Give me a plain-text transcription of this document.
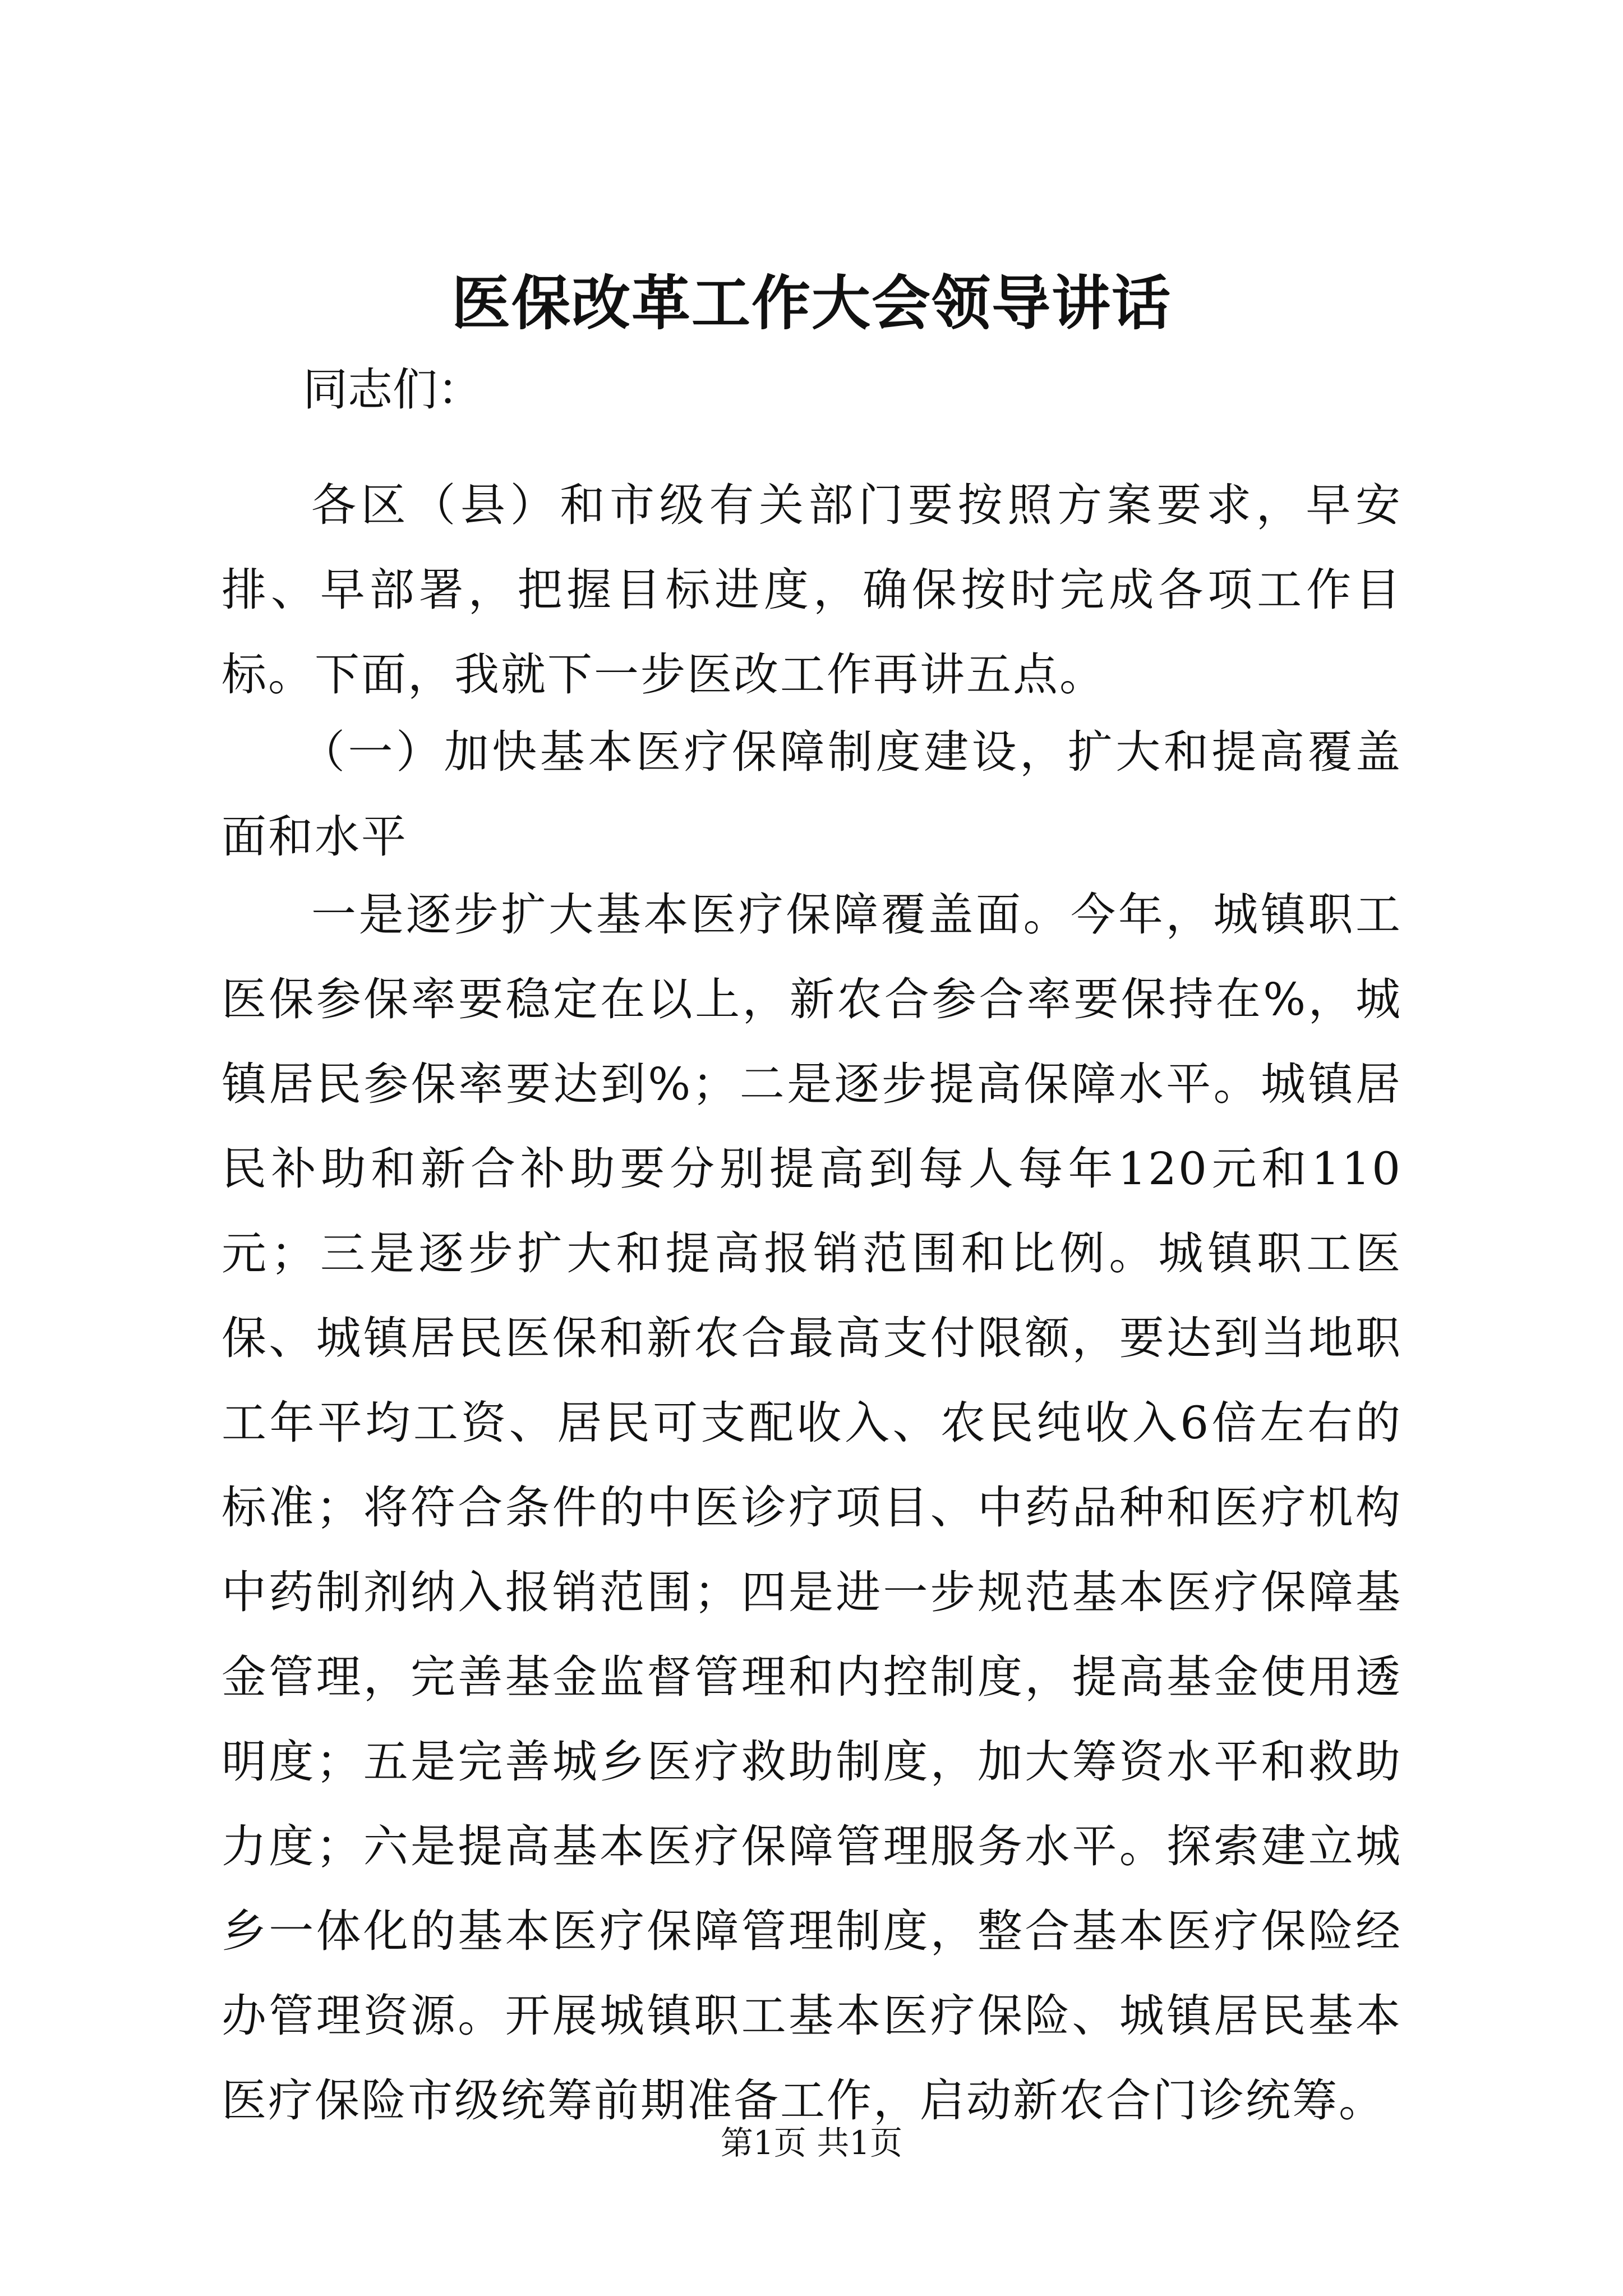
医保改革工作大会领导讲话

同志们：

各区（县）和市级有关部门要按照方案要求，早安排、早部署，把握目标进度，确保按时完成各项工作目标。下面，我就下一步医改工作再讲五点。

（一）加快基本医疗保障制度建设，扩大和提高覆盖面和水平

一是逐步扩大基本医疗保障覆盖面。今年，城镇职工医保参保率要稳定在以上，新农合参合率要保持在%，城镇居民参保率要达到%；二是逐步提高保障水平。城镇居民补助和新合补助要分别提高到每人每年120元和110元；三是逐步扩大和提高报销范围和比例。城镇职工医保、城镇居民医保和新农合最高支付限额，要达到当地职工年平均工资、居民可支配收入、农民纯收入6倍左右的标准；将符合条件的中医诊疗项目、中药品种和医疗机构中药制剂纳入报销范围；四是进一步规范基本医疗保障基金管理，完善基金监督管理和内控制度，提高基金使用透明度；五是完善城乡医疗救助制度，加大筹资水平和救助力度；六是提高基本医疗保障管理服务水平。探索建立城乡一体化的基本医疗保障管理制度，整合基本医疗保险经办管理资源。开展城镇职工基本医疗保险、城镇居民基本医疗保险市级统筹前期准备工作，启动新农合门诊统筹。

第1页 共1页
